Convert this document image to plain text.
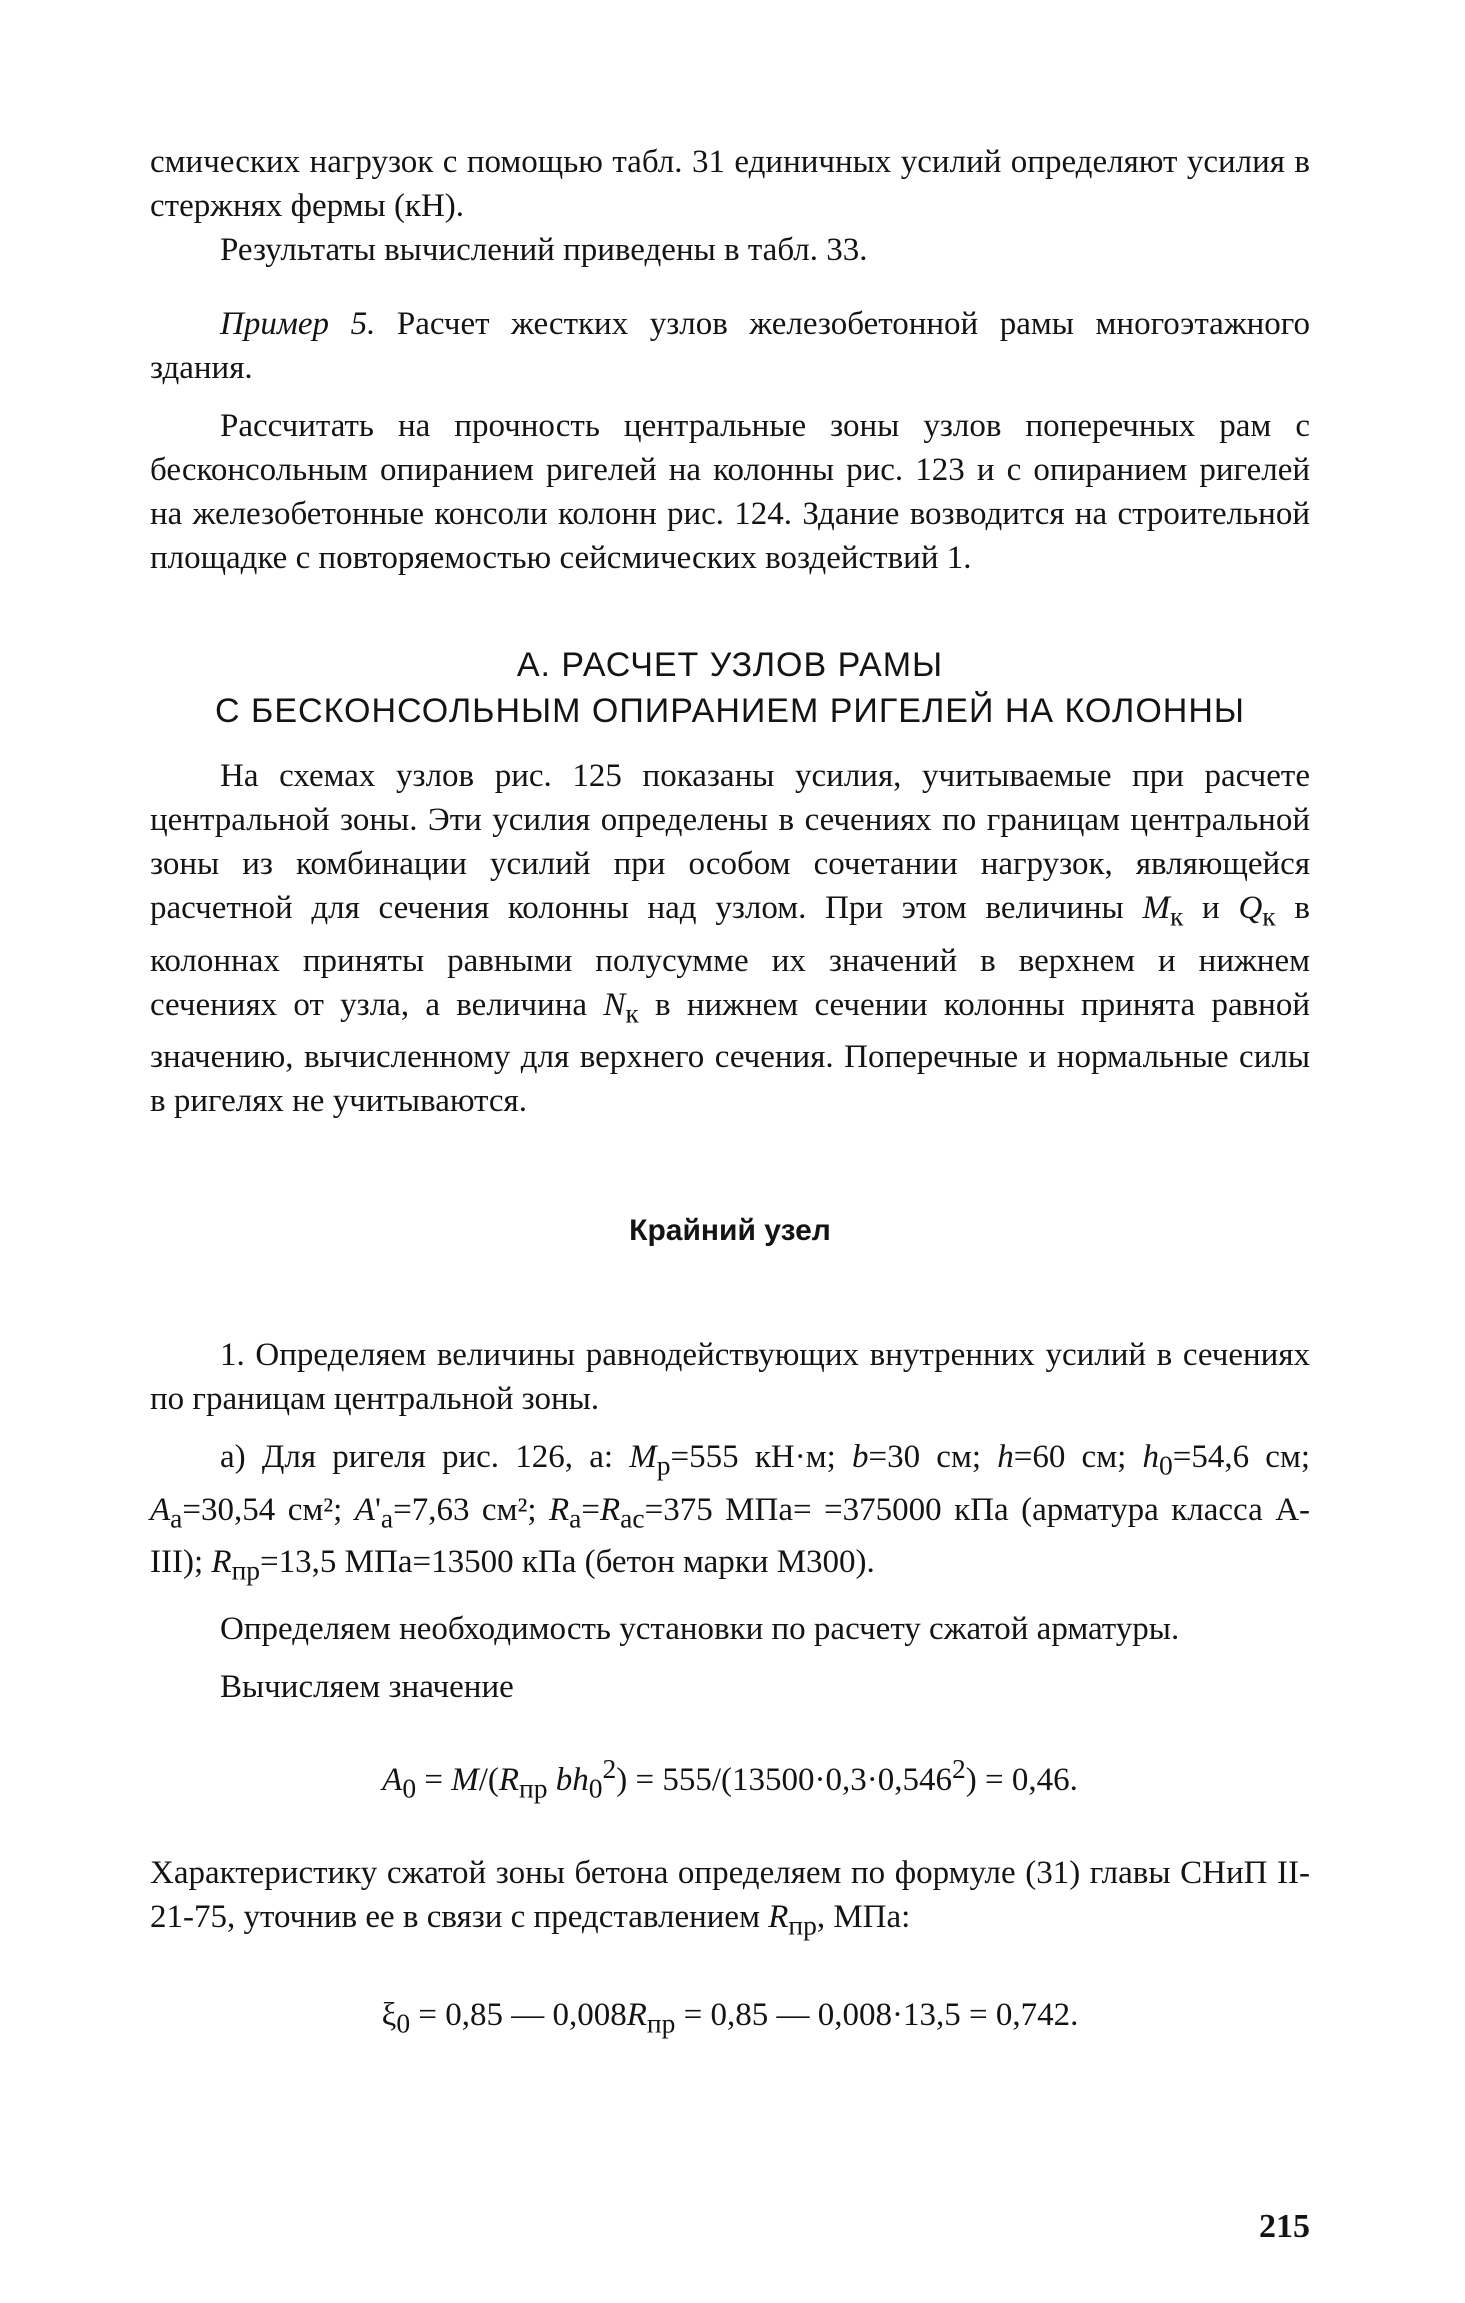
смических нагрузок с помощью табл. 31 единичных усилий определяют усилия в стержнях фермы (кН).

Результаты вычислений приведены в табл. 33.

Пример 5. Расчет жестких узлов железобетонной рамы многоэтажного здания.

Рассчитать на прочность центральные зоны узлов поперечных рам с бесконсольным опиранием ригелей на колонны рис. 123 и с опиранием ригелей на железобетонные консоли колонн рис. 124. Здание возводится на строительной площадке с повторяемостью сейсмических воздействий 1.

А. РАСЧЕТ УЗЛОВ РАМЫ
С БЕСКОНСОЛЬНЫМ ОПИРАНИЕМ РИГЕЛЕЙ НА КОЛОННЫ

На схемах узлов рис. 125 показаны усилия, учитываемые при расчете центральной зоны. Эти усилия определены в сечениях по границам центральной зоны из комбинации усилий при особом сочетании нагрузок, являющейся расчетной для сечения колонны над узлом. При этом величины $М_к$ и $Q_к$ в колоннах приняты равными полусумме их значений в верхнем и нижнем сечениях от узла, а величина $N_к$ в нижнем сечении колонны принята равной значению, вычисленному для верхнего сечения. Поперечные и нормальные силы в ригелях не учитываются.

Крайний узел

1. Определяем величины равнодействующих внутренних усилий в сечениях по границам центральной зоны.

а) Для ригеля рис. 126, а: $М_р=555$ кН·м; b=30 см; h=60 см; $h_0=54,6$ см; $А_а=30,54$ см²; $А'_а=7,63$ см²; $R_а=R_{ас}=375$ МПа= =375000 кПа (арматура класса А-III); $R_{пр}=13,5$ МПа=13500 кПа (бетон марки М300).

Определяем необходимость установки по расчету сжатой арматуры.

Вычисляем значение

$A_0 = M/(R_{пр}$ $bh_0^2) = 555/(13500\cdot 0,3\cdot 0,546^2) = 0,46$.

Характеристику сжатой зоны бетона определяем по формуле (31) главы СНиП II-21-75, уточнив ее в связи с представлением $R_{пр}$, МПа:

$\xi_0 = 0,85$ — $0,008R_{пр} = 0,85$ — 0,008·13,5 = 0,742.
215
